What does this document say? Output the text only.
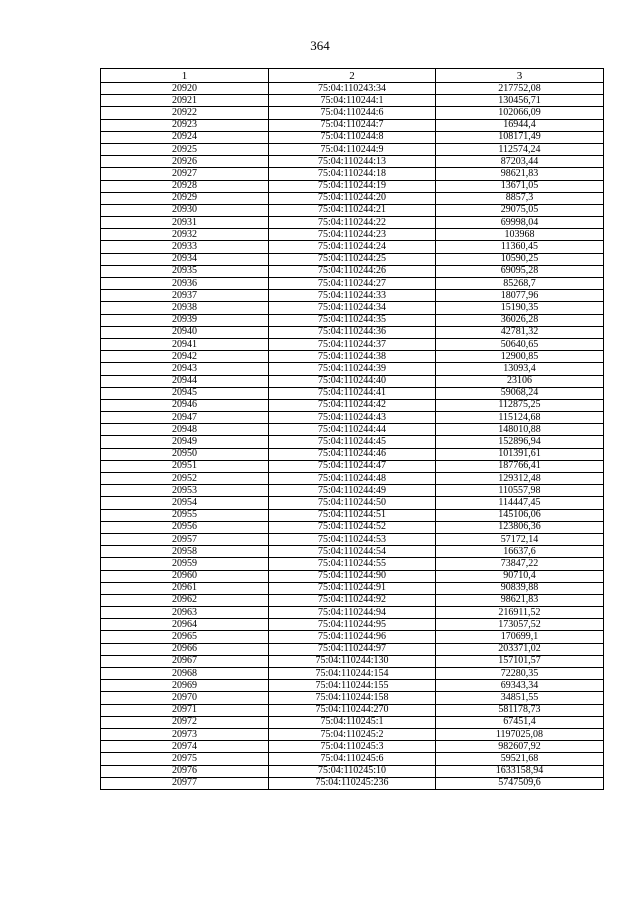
364
1	2	3
20920	75:04:110243:34	217752,08
20921	75:04:110244:1	130456,71
20922	75:04:110244:6	102066,09
20923	75:04:110244:7	16944,4
20924	75:04:110244:8	108171,49
20925	75:04:110244:9	112574,24
20926	75:04:110244:13	87203,44
20927	75:04:110244:18	98621,83
20928	75:04:110244:19	13671,05
20929	75:04:110244:20	8857,3
20930	75:04:110244:21	29075,05
20931	75:04:110244:22	69998,04
20932	75:04:110244:23	103968
20933	75:04:110244:24	11360,45
20934	75:04:110244:25	10590,25
20935	75:04:110244:26	69095,28
20936	75:04:110244:27	85268,7
20937	75:04:110244:33	18077,96
20938	75:04:110244:34	15190,35
20939	75:04:110244:35	36026,28
20940	75:04:110244:36	42781,32
20941	75:04:110244:37	50640,65
20942	75:04:110244:38	12900,85
20943	75:04:110244:39	13093,4
20944	75:04:110244:40	23106
20945	75:04:110244:41	59068,24
20946	75:04:110244:42	112875,25
20947	75:04:110244:43	115124,68
20948	75:04:110244:44	148010,88
20949	75:04:110244:45	152896,94
20950	75:04:110244:46	101391,61
20951	75:04:110244:47	187766,41
20952	75:04:110244:48	129312,48
20953	75:04:110244:49	110557,98
20954	75:04:110244:50	114447,45
20955	75:04:110244:51	145106,06
20956	75:04:110244:52	123806,36
20957	75:04:110244:53	57172,14
20958	75:04:110244:54	16637,6
20959	75:04:110244:55	73847,22
20960	75:04:110244:90	90710,4
20961	75:04:110244:91	90839,88
20962	75:04:110244:92	98621,83
20963	75:04:110244:94	216911,52
20964	75:04:110244:95	173057,52
20965	75:04:110244:96	170699,1
20966	75:04:110244:97	203371,02
20967	75:04:110244:130	157101,57
20968	75:04:110244:154	72280,35
20969	75:04:110244:155	69343,34
20970	75:04:110244:158	34851,55
20971	75:04:110244:270	581178,73
20972	75:04:110245:1	67451,4
20973	75:04:110245:2	1197025,08
20974	75:04:110245:3	982607,92
20975	75:04:110245:6	59521,68
20976	75:04:110245:10	1633158,94
20977	75:04:110245:236	5747509,6
